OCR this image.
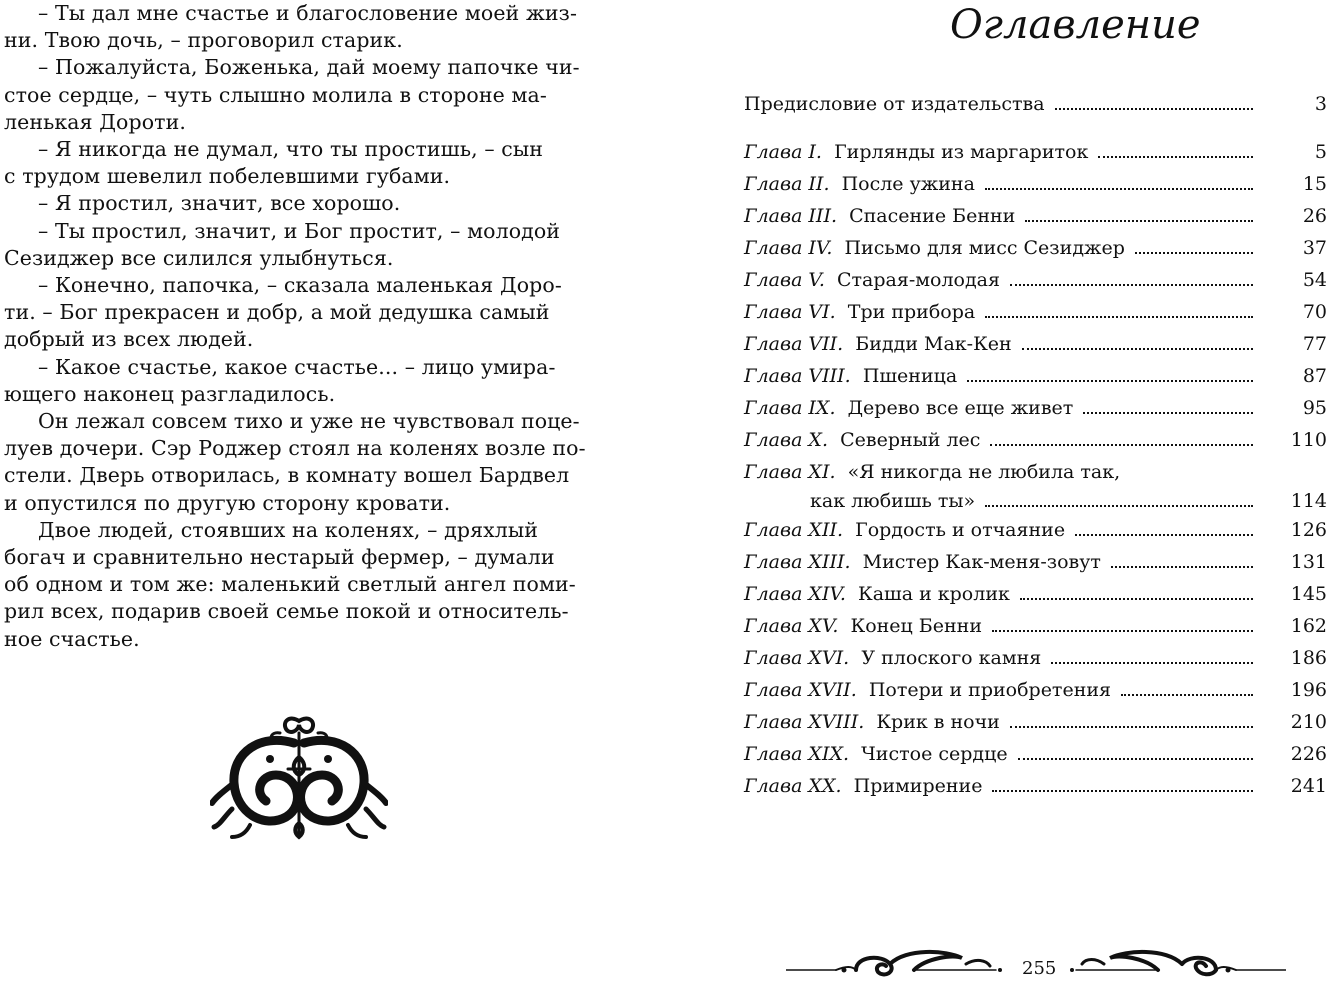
– Ты дал мне счастье и благословение моей жиз-
ни. Твою дочь, – проговорил старик.

– Пожалуйста, Боженька, дай моему папочке чи-
стое сердце, – чуть слышно молила в стороне ма-
ленькая Дороти.

– Я никогда не думал, что ты простишь, – сын
с трудом шевелил побелевшими губами.

– Я простил, значит, все хорошо.

– Ты простил, значит, и Бог простит, – молодой
Сезиджер все силился улыбнуться.

– Конечно, папочка, – сказала маленькая Доро-
ти. – Бог прекрасен и добр, а мой дедушка самый
добрый из всех людей.

– Какое счастье, какое счастье... – лицо умира-
ющего наконец разгладилось.

Он лежал совсем тихо и уже не чувствовал поце-
луев дочери. Сэр Роджер стоял на коленях возле по-
стели. Дверь отворилась, в комнату вошел Бардвел
и опустился по другую сторону кровати.

Двое людей, стоявших на коленях, – дряхлый
богач и сравнительно нестарый фермер, – думали
об одном и том же: маленький светлый ангел поми-
рил всех, подарив своей семье покой и относитель-
ное счастье.

Оглавление
Предисловие от издательства	3
Глава I. Гирлянды из маргариток	5
Глава II. После ужина	15
Глава III. Спасение Бенни	26
Глава IV. Письмо для мисс Сезиджер	37
Глава V. Старая-молодая	54
Глава VI. Три прибора	70
Глава VII. Бидди Мак-Кен	77
Глава VIII. Пшеница	87
Глава IX. Дерево все еще живет	95
Глава X. Северный лес	110
Глава XI. «Я никогда не любила так,
как любишь ты»	114
Глава XII. Гордость и отчаяние	126
Глава XIII. Мистер Как-меня-зовут	131
Глава XIV. Каша и кролик	145
Глава XV. Конец Бенни	162
Глава XVI. У плоского камня	186
Глава XVII. Потери и приобретения	196
Глава XVIII. Крик в ночи	210
Глава XIX. Чистое сердце	226
Глава XX. Примирение	241
255
